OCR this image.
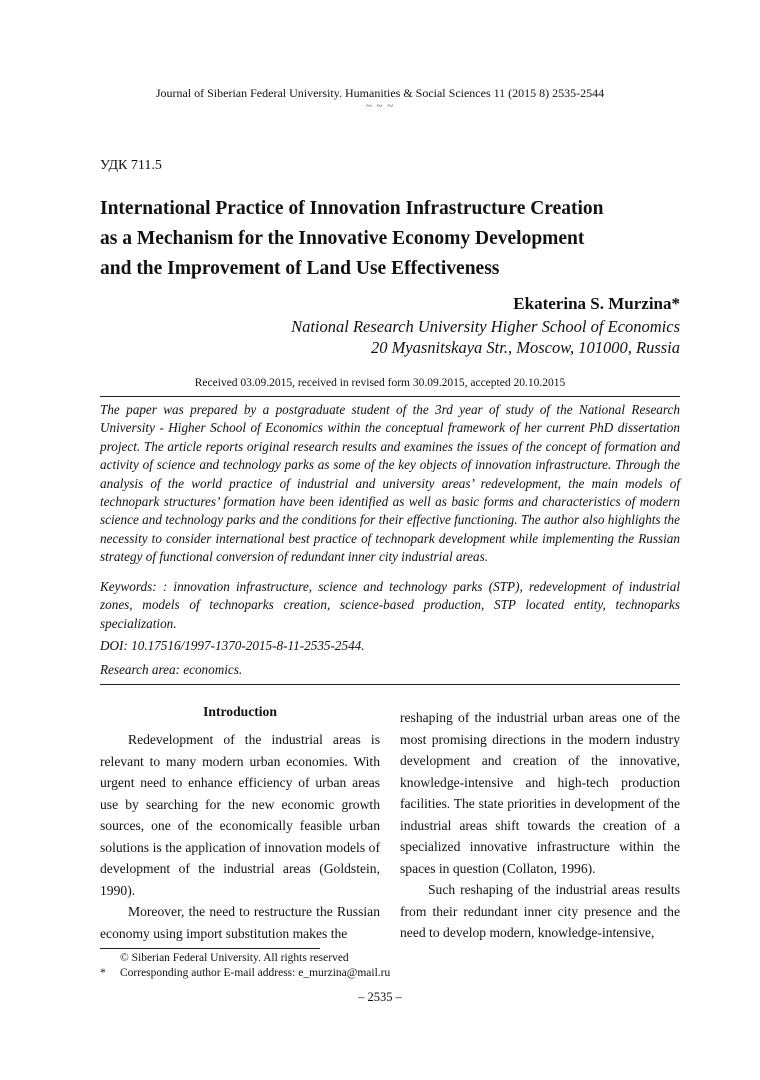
Journal of Siberian Federal University. Humanities & Social Sciences 11 (2015 8) 2535-2544
~ ~ ~
УДК 711.5
International Practice of Innovation Infrastructure Creation
as a Mechanism for the Innovative Economy Development
and the Improvement of Land Use Effectiveness
Ekaterina S. Murzina*
National Research University Higher School of Economics
20 Myasnitskaya Str., Moscow, 101000, Russia
Received 03.09.2015, received in revised form 30.09.2015, accepted 20.10.2015
The paper was prepared by a postgraduate student of the 3rd year of study of the National Research University - Higher School of Economics within the conceptual framework of her current PhD dissertation project. The article reports original research results and examines the issues of the concept of formation and activity of science and technology parks as some of the key objects of innovation infrastructure. Through the analysis of the world practice of industrial and university areas’ redevelopment, the main models of technopark structures’ formation have been identified as well as basic forms and characteristics of modern science and technology parks and the conditions for their effective functioning. The author also highlights the necessity to consider international best practice of technopark development while implementing the Russian strategy of functional conversion of redundant inner city industrial areas.
Keywords: : innovation infrastructure, science and technology parks (STP), redevelopment of industrial zones, models of technoparks creation, science-based production, STP located entity, technoparks specialization.
DOI: 10.17516/1997-1370-2015-8-11-2535-2544.
Research area: economics.
Introduction

Redevelopment of the industrial areas is relevant to many modern urban economies. With urgent need to enhance efficiency of urban areas use by searching for the new economic growth sources, one of the economically feasible urban solutions is the application of innovation models of development of the industrial areas (Goldstein, 1990).

Moreover, the need to restructure the Russian economy using import substitution makes the

reshaping of the industrial urban areas one of the most promising directions in the modern industry development and creation of the innovative, knowledge-intensive and high-tech production facilities. The state priorities in development of the industrial areas shift towards the creation of a specialized innovative infrastructure within the spaces in question (Collaton, 1996).

Such reshaping of the industrial areas results from their redundant inner city presence and the need to develop modern, knowledge-intensive,

© Siberian Federal University. All rights reserved
* Corresponding author E-mail address: e_murzina@mail.ru
– 2535 –
